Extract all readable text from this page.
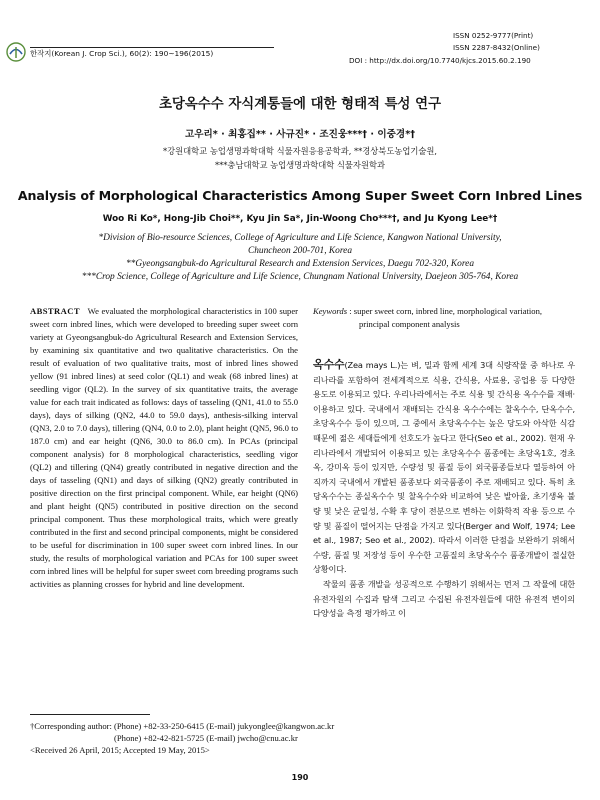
한작지(Korean J. Crop Sci.), 60(2): 190~196(2015)
ISSN 0252-9777(Print)
ISSN 2287-8432(Online)
DOI : http://dx.doi.org/10.7740/kjcs.2015.60.2.190
초당옥수수 자식계통들에 대한 형태적 특성 연구
고우리* · 최홍집** · 사규진* · 조진웅***† · 이중경*†
*강원대학교 농업생명과학대학 식물자원응용공학과, **경상북도농업기술원,
***충남대학교 농업생명과학대학 식물자원학과
Analysis of Morphological Characteristics Among Super Sweet Corn Inbred Lines
Woo Ri Ko*, Hong-Jib Choi**, Kyu Jin Sa*, Jin-Woong Cho***†, and Ju Kyong Lee*†
*Division of Bio-resource Sciences, College of Agriculture and Life Science, Kangwon National University,
Chuncheon 200-701, Korea
**Gyeongsangbuk-do Agricultural Research and Extension Services, Daegu 702-320, Korea
***Crop Science, College of Agriculture and Life Science, Chungnam National University, Daejeon 305-764, Korea

ABSTRACT We evaluated the morphological characteristics in 100 super sweet corn inbred lines, which were developed to breeding super sweet corn variety at Gyeongsangbuk-do Agricultural Research and Extension Services, by examining six quantitative and two qualitative characteristics. On the result of evaluation of two qualitative traits, most of inbred lines showed yellow (91 inbred lines) at seed color (QL1) and weak (68 inbred lines) at seedling vigor (QL2). In the survey of six quantitative traits, the average value for each trait indicated as follows: days of tasseling (QN1, 41.0 to 55.0 days), days of silking (QN2, 44.0 to 59.0 days), anthesis-silking interval (QN3, 2.0 to 7.0 days), tillering (QN4, 0.0 to 2.0), plant height (QN5, 96.0 to 187.0 cm) and ear height (QN6, 30.0 to 86.0 cm). In PCAs (principal component analysis) for 8 morphological characteristics, seedling vigor (QL2) and tillering (QN4) greatly contributed in negative direction and the days of tasseling (QN1) and days of silking (QN2) greatly contributed in positive direction on the first principal component. While, ear height (QN6) and plant height (QN5) contributed in positive direction on the second principal component. Thus these morphological traits, which were greatly contributed in the first and second principal components, might be considered to be useful for discrimination in 100 super sweet corn inbred lines. In our study, the results of morphological variation and PCAs for 100 super sweet corn inbred lines will be helpful for super sweet corn breeding programs such activities as planning crosses for hybrid and line development.

Keywords : super sweet corn, inbred line, morphological variation,

principal component analysis

옥수수(Zea mays L.)는 벼, 밀과 함께 세계 3대 식량작물 중 하나로 우리나라를 포함하여 전세계적으로 식용, 간식용, 사료용, 공업용 등 다양한 용도로 이용되고 있다. 우리나라에서는 주로 식용 및 간식용 옥수수를 재배·이용하고 있다. 국내에서 재배되는 간식용 옥수수에는 찰옥수수, 단옥수수, 초당옥수수 등이 있으며, 그 중에서 초당옥수수는 높은 당도와 아삭한 식감때문에 젊은 세대들에게 선호도가 높다고 한다(Seo et al., 2002). 현재 우리나라에서 개발되어 이용되고 있는 초당옥수수 품종에는 초당옥1호, 경초옥, 강미옥 등이 있지만, 수량성 및 품질 등이 외국품종들보다 열등하여 아직까지 국내에서 개발된 품종보다 외국품종이 주로 재배되고 있다. 특히 초당옥수수는 종실옥수수 및 찰옥수수와 비교하여 낮은 발아율, 초기생육 불량 및 낮은 균일성, 수확 후 당이 전분으로 변하는 이화학적 작용 등으로 수량 및 품질이 떨어지는 단점을 가지고 있다(Berger and Wolf, 1974; Lee et al., 1987; Seo et al., 2002). 따라서 이러한 단점을 보완하기 위해서 수량, 품질 및 저장성 등이 우수한 고품질의 초당옥수수 품종개발이 절실한 상황이다.

작물의 품종 개발을 성공적으로 수행하기 위해서는 먼저 그 작물에 대한 유전자원의 수집과 탐색 그리고 수집된 유전자원들에 대한 유전적 변이의 다양성을 측정 평가하고 이

†Corresponding author: (Phone) +82-33-250-6415 (E-mail) jukyonglee@kangwon.ac.kr
(Phone) +82-42-821-5725 (E-mail) jwcho@cnu.ac.kr
<Received 26 April, 2015; Accepted 19 May, 2015>
190
